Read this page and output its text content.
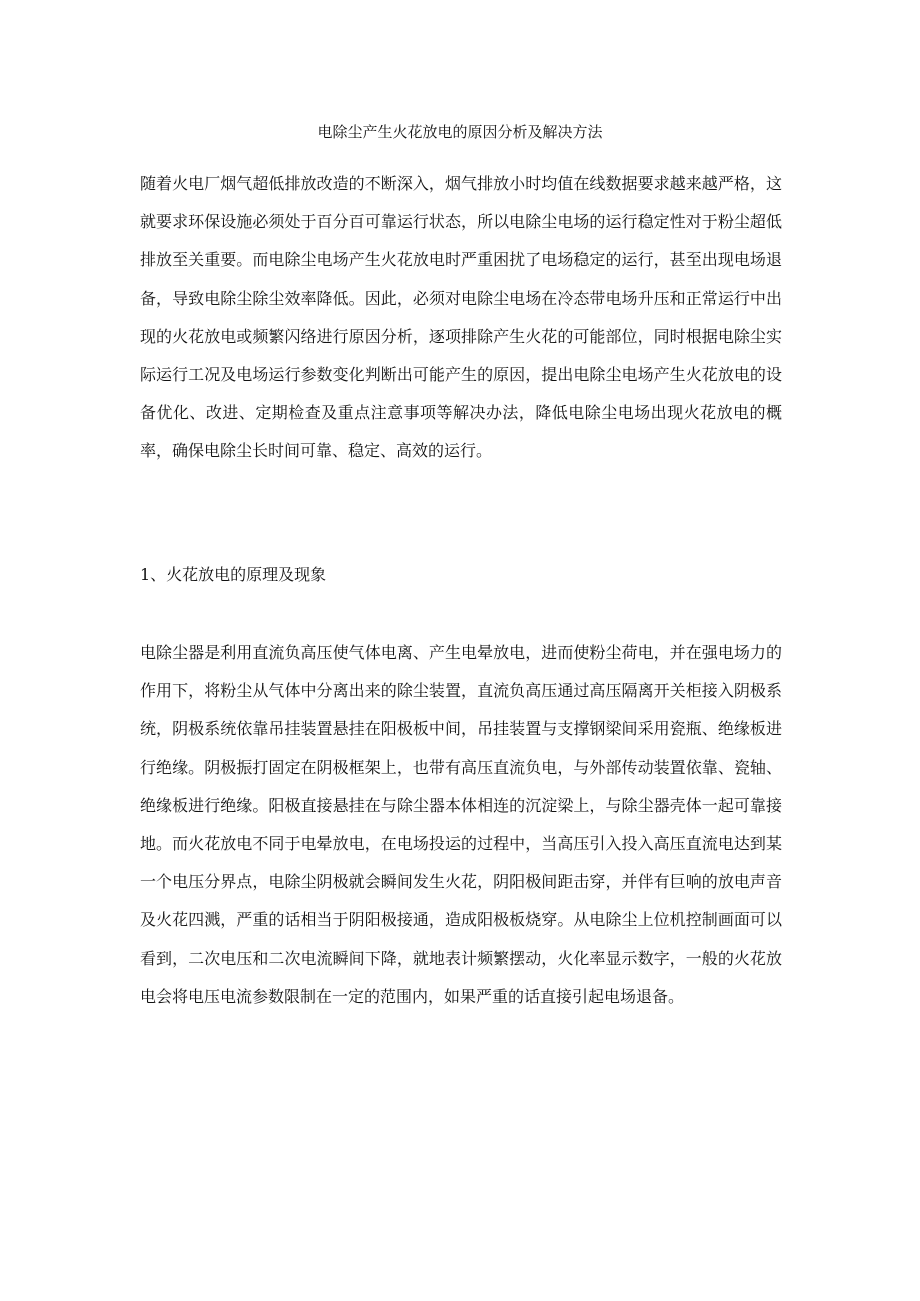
电除尘产生火花放电的原因分析及解决方法

随着火电厂烟气超低排放改造的不断深入，烟气排放小时均值在线数据要求越来越严格，这就要求环保设施必须处于百分百可靠运行状态，所以电除尘电场的运行稳定性对于粉尘超低排放至关重要。而电除尘电场产生火花放电时严重困扰了电场稳定的运行，甚至出现电场退备，导致电除尘除尘效率降低。因此，必须对电除尘电场在冷态带电场升压和正常运行中出现的火花放电或频繁闪络进行原因分析，逐项排除产生火花的可能部位，同时根据电除尘实际运行工况及电场运行参数变化判断出可能产生的原因，提出电除尘电场产生火花放电的设备优化、改进、定期检查及重点注意事项等解决办法，降低电除尘电场出现火花放电的概率，确保电除尘长时间可靠、稳定、高效的运行。

1、火花放电的原理及现象

电除尘器是利用直流负高压使气体电离、产生电晕放电，进而使粉尘荷电，并在强电场力的作用下，将粉尘从气体中分离出来的除尘装置，直流负高压通过高压隔离开关柜接入阴极系统，阴极系统依靠吊挂装置悬挂在阳极板中间，吊挂装置与支撑钢梁间采用瓷瓶、绝缘板进行绝缘。阴极振打固定在阴极框架上，也带有高压直流负电，与外部传动装置依靠、瓷轴、绝缘板进行绝缘。阳极直接悬挂在与除尘器本体相连的沉淀梁上，与除尘器壳体一起可靠接地。而火花放电不同于电晕放电，在电场投运的过程中，当高压引入投入高压直流电达到某一个电压分界点，电除尘阴极就会瞬间发生火花，阴阳极间距击穿，并伴有巨响的放电声音及火花四溅，严重的话相当于阴阳极接通，造成阳极板烧穿。从电除尘上位机控制画面可以看到，二次电压和二次电流瞬间下降，就地表计频繁摆动，火化率显示数字，一般的火花放电会将电压电流参数限制在一定的范围内，如果严重的话直接引起电场退备。
